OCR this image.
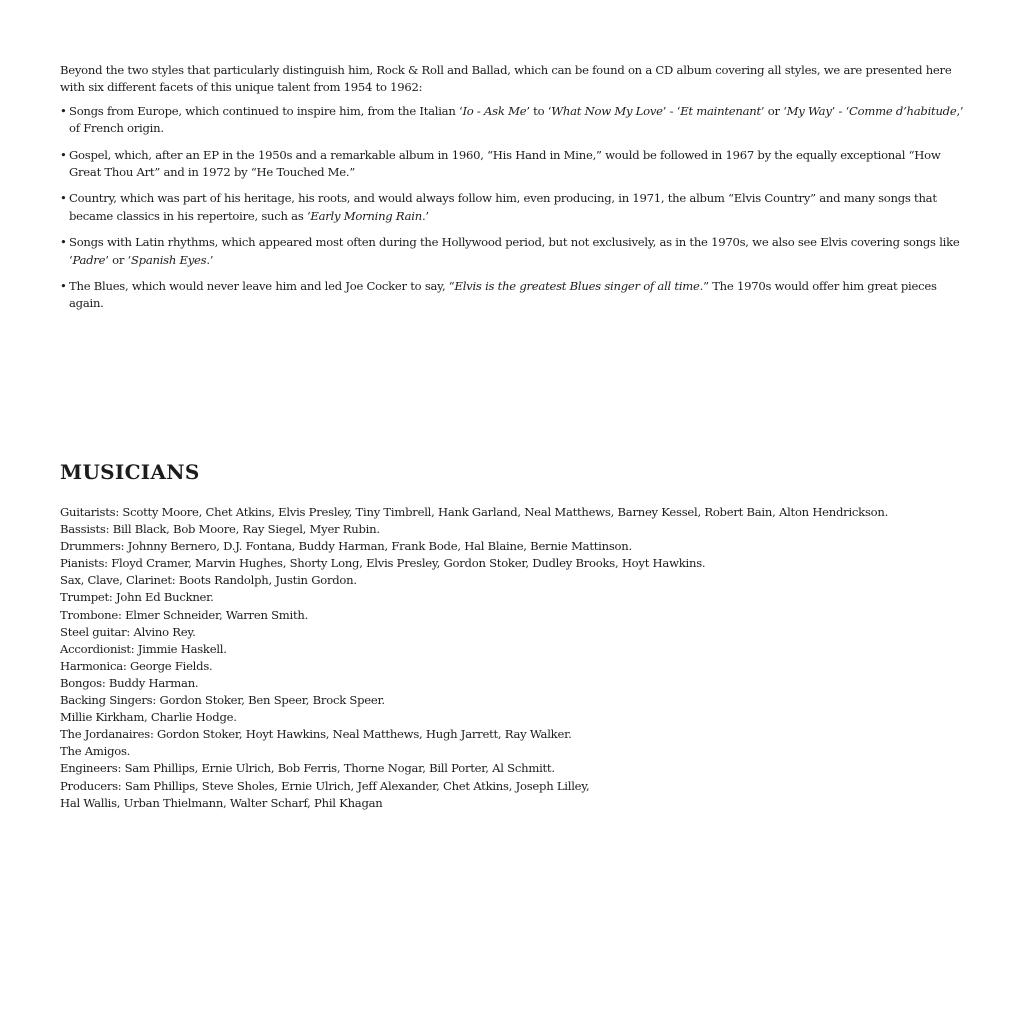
Beyond the two styles that particularly distinguish him, Rock & Roll and Ballad, which can be found on a CD album covering all styles, we are presented here with six different facets of this unique talent from 1954 to 1962:

• Songs from Europe, which continued to inspire him, from the Italian ‘Io - Ask Me’ to ‘What Now My Love’ - ‘Et maintenant’ or ‘My Way’ - ‘Comme d’habitude,’ of French origin.
• Gospel, which, after an EP in the 1950s and a remarkable album in 1960, “His Hand in Mine,” would be followed in 1967 by the equally exceptional “How Great Thou Art” and in 1972 by “He Touched Me.”
• Country, which was part of his heritage, his roots, and would always follow him, even producing, in 1971, the album “Elvis Country” and many songs that became classics in his repertoire, such as ‘Early Morning Rain.’
• Songs with Latin rhythms, which appeared most often during the Hollywood period, but not exclusively, as in the 1970s, we also see Elvis covering songs like ‘Padre’ or ‘Spanish Eyes.’
• The Blues, which would never leave him and led Joe Cocker to say, “Elvis is the greatest Blues singer of all time.” The 1970s would offer him great pieces again.
MUSICIANS
Guitarists: Scotty Moore, Chet Atkins, Elvis Presley, Tiny Timbrell, Hank Garland, Neal Matthews, Barney Kessel, Robert Bain, Alton Hendrickson.
Bassists: Bill Black, Bob Moore, Ray Siegel, Myer Rubin.
Drummers: Johnny Bernero, D.J. Fontana, Buddy Harman, Frank Bode, Hal Blaine, Bernie Mattinson.
Pianists: Floyd Cramer, Marvin Hughes, Shorty Long, Elvis Presley, Gordon Stoker, Dudley Brooks, Hoyt Hawkins.
Sax, Clave, Clarinet: Boots Randolph, Justin Gordon.
Trumpet: John Ed Buckner.
Trombone: Elmer Schneider, Warren Smith.
Steel guitar: Alvino Rey.
Accordionist: Jimmie Haskell.
Harmonica: George Fields.
Bongos: Buddy Harman.
Backing Singers: Gordon Stoker, Ben Speer, Brock Speer.
Millie Kirkham, Charlie Hodge.
The Jordanaires: Gordon Stoker, Hoyt Hawkins, Neal Matthews, Hugh Jarrett, Ray Walker.
The Amigos.
Engineers: Sam Phillips, Ernie Ulrich, Bob Ferris, Thorne Nogar, Bill Porter, Al Schmitt.
Producers: Sam Phillips, Steve Sholes, Ernie Ulrich, Jeff Alexander, Chet Atkins, Joseph Lilley,
Hal Wallis, Urban Thielmann, Walter Scharf, Phil Khagan
